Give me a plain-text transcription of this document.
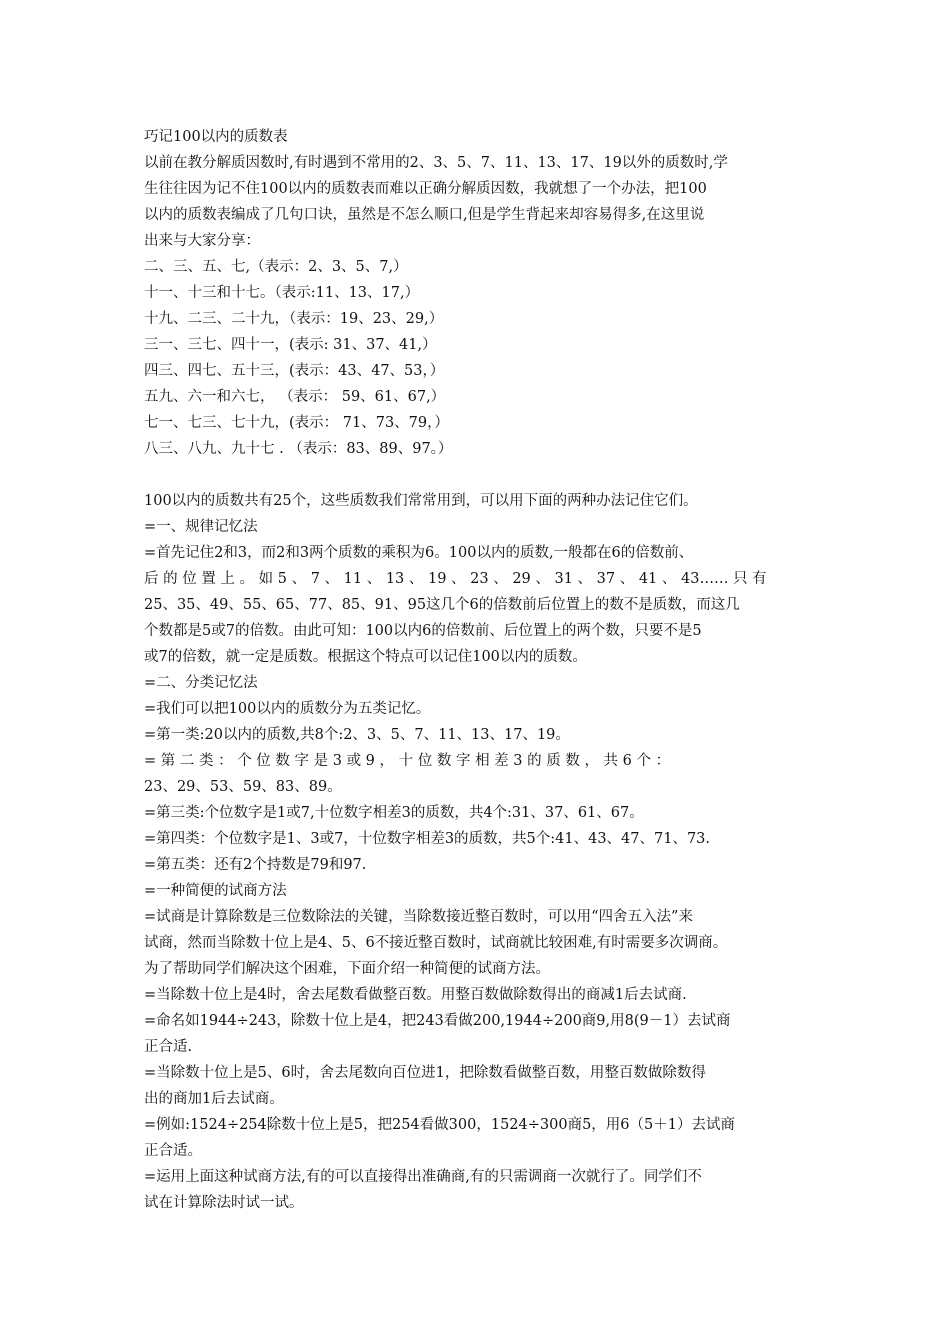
巧记100以内的质数表
以前在教分解质因数时,有时遇到不常用的2、3、5、7、11、13、17、19以外的质数时,学
生往往因为记不住100以内的质数表而难以正确分解质因数，我就想了一个办法，把100
以内的质数表编成了几句口诀，虽然是不怎么顺口,但是学生背起来却容易得多,在这里说
出来与大家分享：
二、三、五、七,（表示：2、3、5、7,）
十一、十三和十七。（表示:11、13、17,）
十九、二三、二十九，（表示：19、23、29,）
三一、三七、四十一，(表示: 31、37、41,）
四三、四七、五十三，(表示：43、47、53，）
五九、六一和六七， （表示： 59、61、67,）
七一、七三、七十九，(表示： 71、73、79，）
八三、八九、九十七 . （表示：83、89、97。）
100以内的质数共有25个，这些质数我们常常用到，可以用下面的两种办法记住它们。
=一、规律记忆法
=首先记住2和3，而2和3两个质数的乘积为6。100以内的质数,一般都在6的倍数前、
后 的 位 置 上 。 如 5 、 7 、 11 、 13 、 19 、 23 、 29 、 31 、 37 、 41 、 43…… 只 有
25、35、49、55、65、77、85、91、95这几个6的倍数前后位置上的数不是质数，而这几
个数都是5或7的倍数。由此可知：100以内6的倍数前、后位置上的两个数，只要不是5
或7的倍数，就一定是质数。根据这个特点可以记住100以内的质数。
=二、分类记忆法
=我们可以把100以内的质数分为五类记忆。
=第一类:20以内的质数,共8个:2、3、5、7、11、13、17、19。
= 第 二 类 ： 个 位 数 字 是 3 或 9 ， 十 位 数 字 相 差 3 的 质 数 ， 共 6 个 ：
23、29、53、59、83、89。
=第三类:个位数字是1或7,十位数字相差3的质数，共4个:31、37、61、67。
=第四类：个位数字是1、3或7，十位数字相差3的质数，共5个:41、43、47、71、73.
=第五类：还有2个持数是79和97.
=一种简便的试商方法
=试商是计算除数是三位数除法的关键，当除数接近整百数时，可以用“四舍五入法”来
试商，然而当除数十位上是4、5、6不接近整百数时，试商就比较困难,有时需要多次调商。
为了帮助同学们解决这个困难，下面介绍一种简便的试商方法。
=当除数十位上是4时，舍去尾数看做整百数。用整百数做除数得出的商减1后去试商.
=命名如1944÷243，除数十位上是4，把243看做200,1944÷200商9,用8(9－1）去试商
正合适.
=当除数十位上是5、6时，舍去尾数向百位进1，把除数看做整百数，用整百数做除数得
出的商加1后去试商。
=例如:1524÷254除数十位上是5，把254看做300，1524÷300商5，用6（5＋1）去试商
正合适。
=运用上面这种试商方法,有的可以直接得出准确商,有的只需调商一次就行了。同学们不
试在计算除法时试一试。
